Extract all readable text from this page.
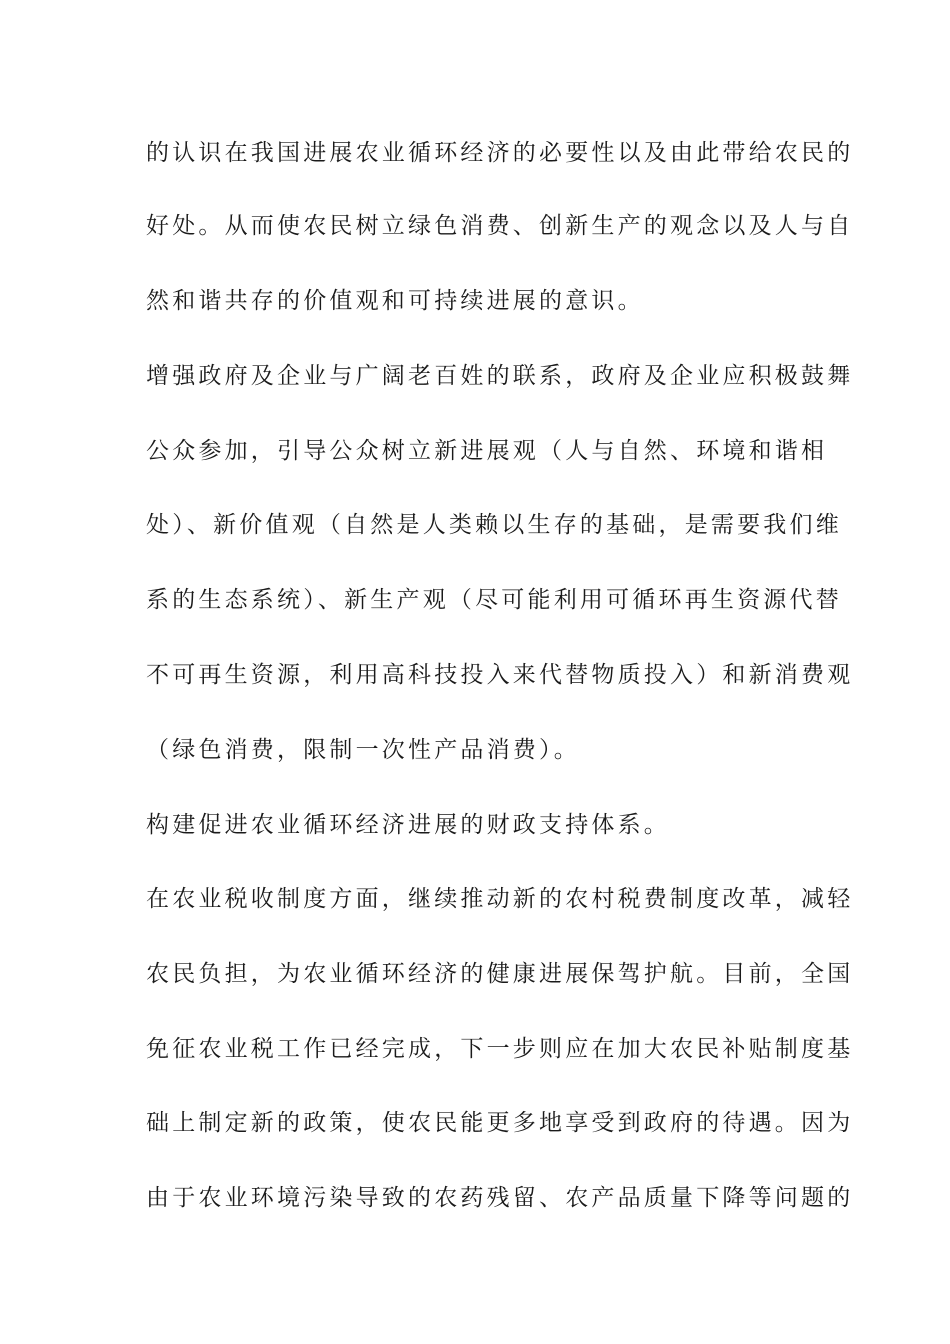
的认识在我国进展农业循环经济的必要性以及由此带给农民的
好处。从而使农民树立绿色消费、创新生产的观念以及人与自
然和谐共存的价值观和可持续进展的意识。
增强政府及企业与广阔老百姓的联系，政府及企业应积极鼓舞
公众参加，引导公众树立新进展观（人与自然、环境和谐相
处）、新价值观（自然是人类赖以生存的基础，是需要我们维
系的生态系统）、新生产观（尽可能利用可循环再生资源代替
不可再生资源，利用高科技投入来代替物质投入）和新消费观
（绿色消费，限制一次性产品消费）。
构建促进农业循环经济进展的财政支持体系。
在农业税收制度方面，继续推动新的农村税费制度改革，减轻
农民负担，为农业循环经济的健康进展保驾护航。目前，全国
免征农业税工作已经完成，下一步则应在加大农民补贴制度基
础上制定新的政策，使农民能更多地享受到政府的待遇。因为
由于农业环境污染导致的农药残留、农产品质量下降等问题的
